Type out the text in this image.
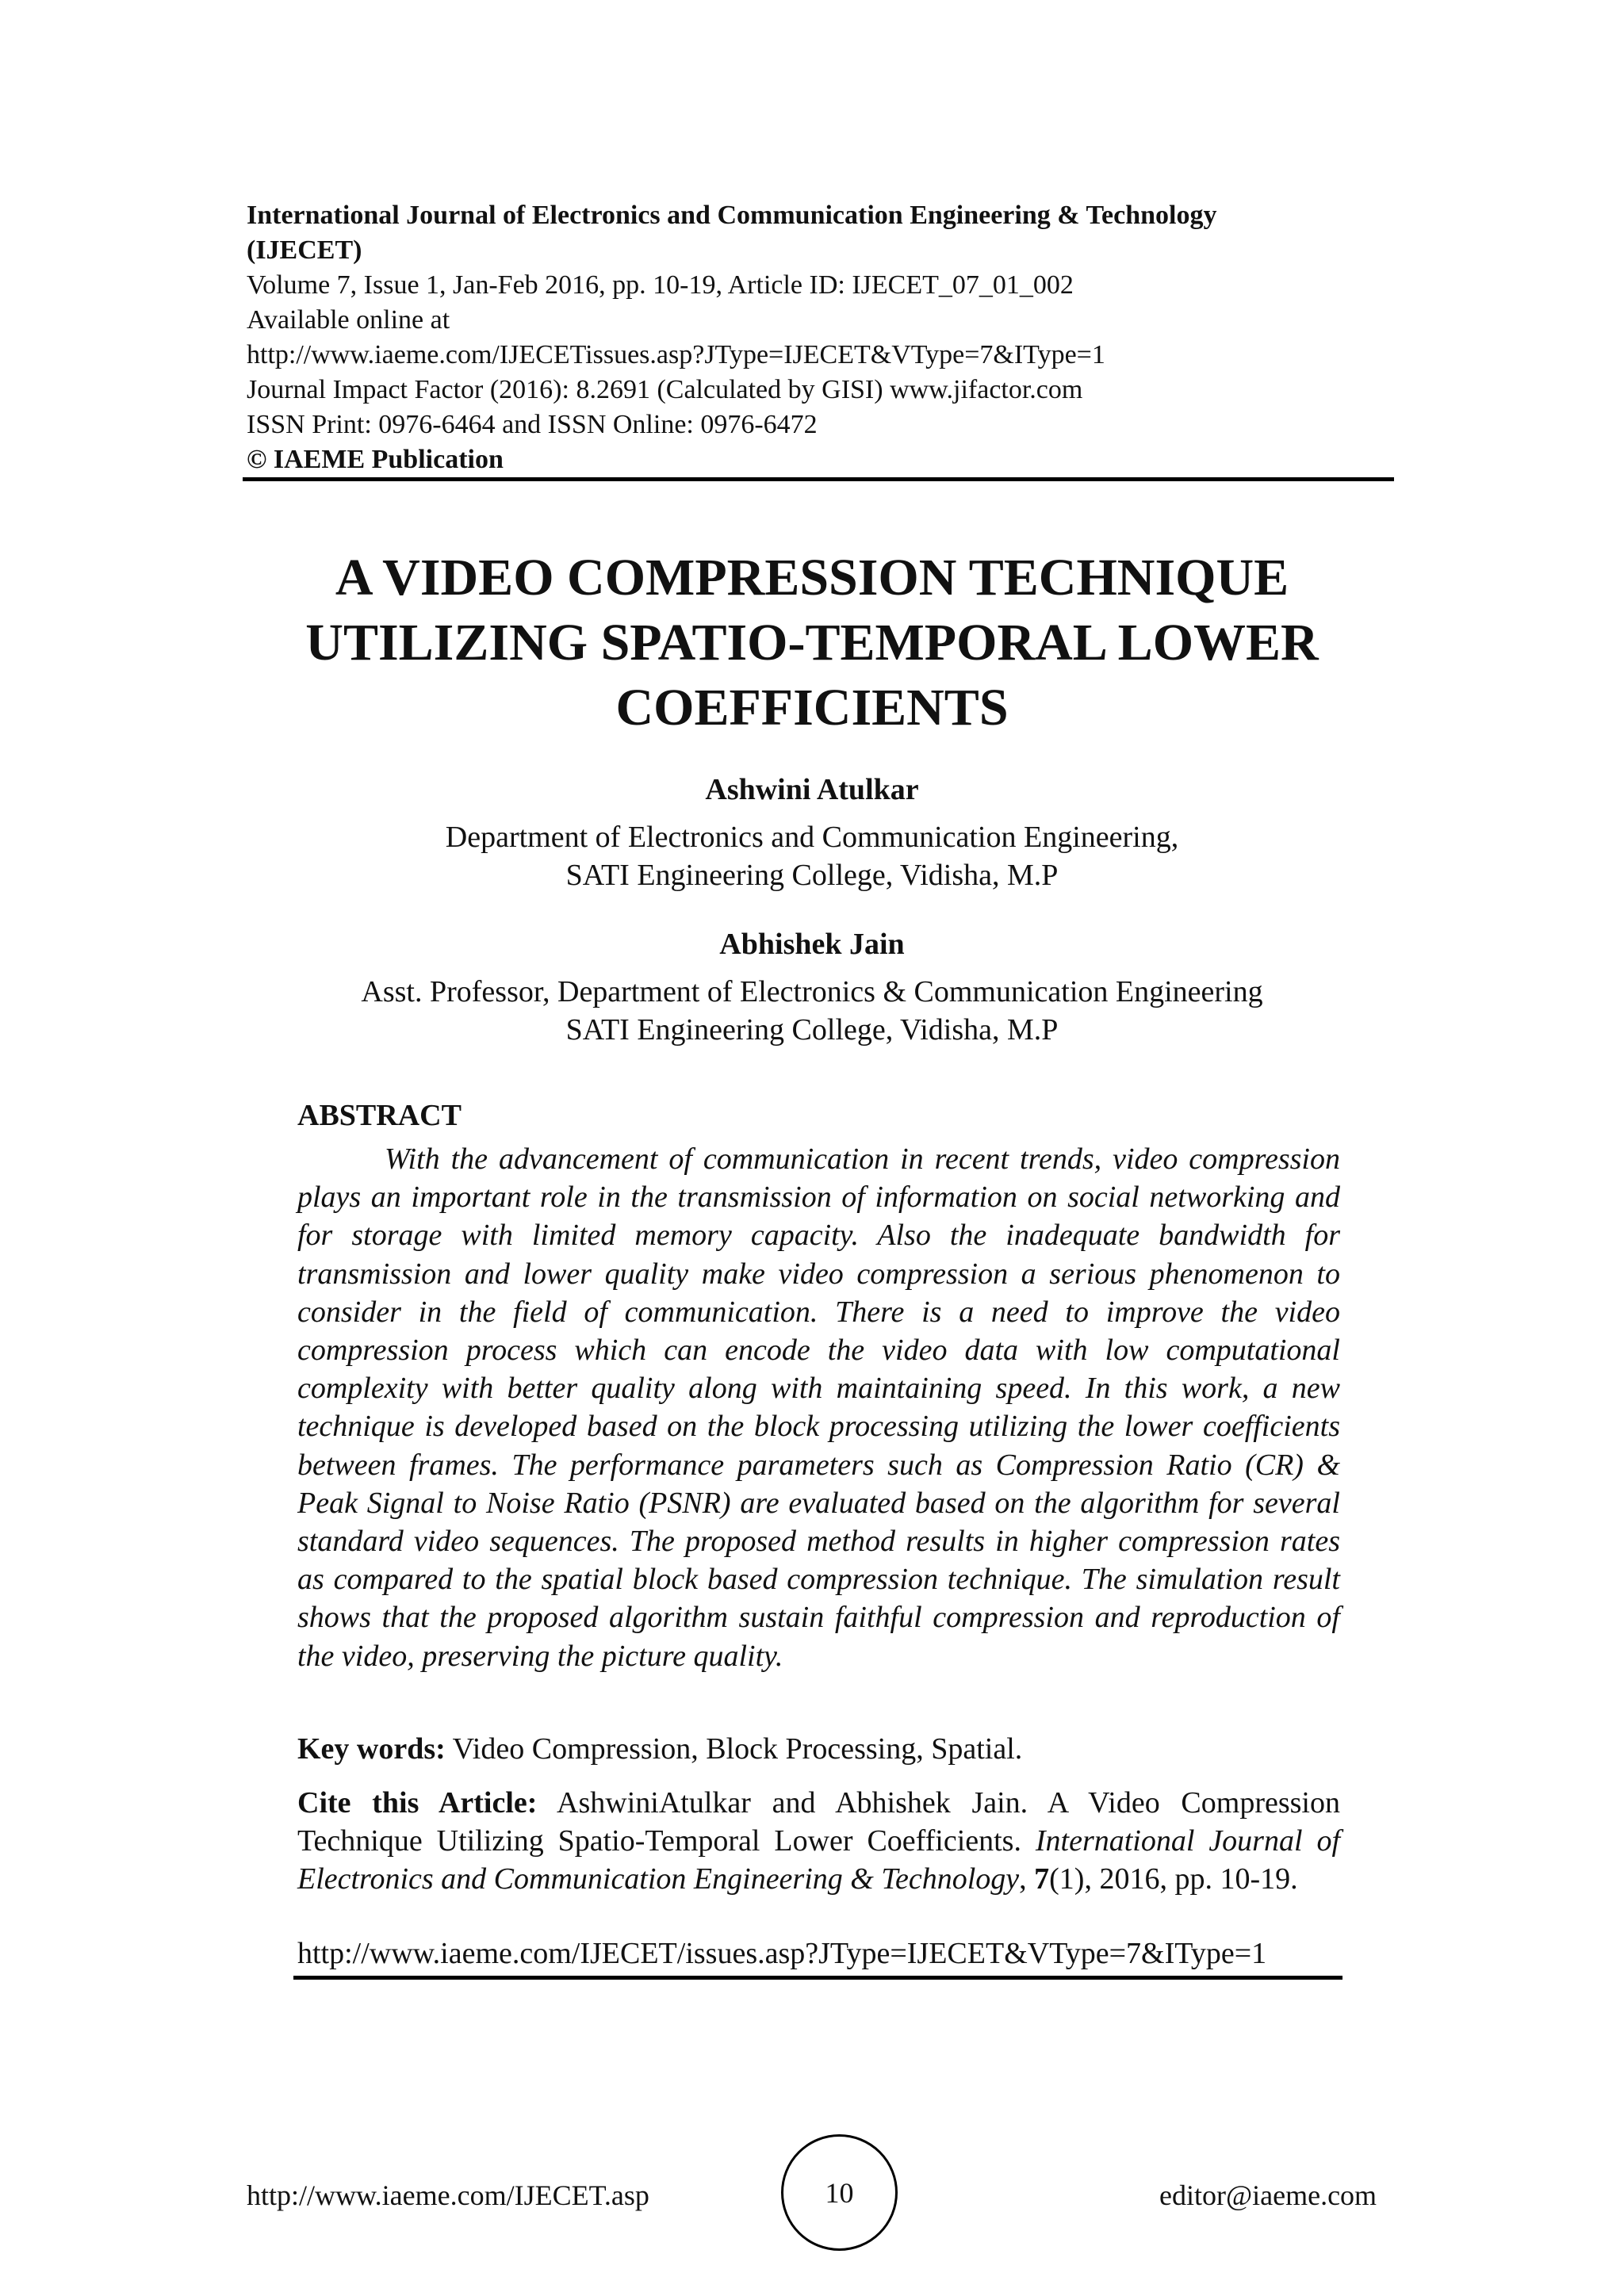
International Journal of Electronics and Communication Engineering & Technology
(IJECET)
Volume 7, Issue 1, Jan-Feb 2016, pp. 10-19, Article ID: IJECET_07_01_002
Available online at
http://www.iaeme.com/IJECETissues.asp?JType=IJECET&VType=7&IType=1
Journal Impact Factor (2016): 8.2691 (Calculated by GISI) www.jifactor.com
ISSN Print: 0976-6464 and ISSN Online: 0976-6472
© IAEME Publication
A VIDEO COMPRESSION TECHNIQUE
UTILIZING SPATIO-TEMPORAL LOWER
COEFFICIENTS
Ashwini Atulkar
Department of Electronics and Communication Engineering,
SATI Engineering College, Vidisha, M.P
Abhishek Jain
Asst. Professor, Department of Electronics & Communication Engineering
SATI Engineering College, Vidisha, M.P
ABSTRACT

With the advancement of communication in recent trends, video compression plays an important role in the transmission of information on social networking and for storage with limited memory capacity. Also the inadequate bandwidth for transmission and lower quality make video compression a serious phenomenon to consider in the field of communication. There is a need to improve the video compression process which can encode the video data with low computational complexity with better quality along with maintaining speed. In this work, a new technique is developed based on the block processing utilizing the lower coefficients between frames. The performance parameters such as Compression Ratio (CR) & Peak Signal to Noise Ratio (PSNR) are evaluated based on the algorithm for several standard video sequences. The proposed method results in higher compression rates as compared to the spatial block based compression technique. The simulation result shows that the proposed algorithm sustain faithful compression and reproduction of the video, preserving the picture quality.

Key words: Video Compression, Block Processing, Spatial.

Cite this Article: AshwiniAtulkar and Abhishek Jain. A Video Compression Technique Utilizing Spatio-Temporal Lower Coefficients. International Journal of Electronics and Communication Engineering & Technology, 7(1), 2016, pp. 10-19.

http://www.iaeme.com/IJECET/issues.asp?JType=IJECET&VType=7&IType=1
http://www.iaeme.com/IJECET.asp	10	editor@iaeme.com
